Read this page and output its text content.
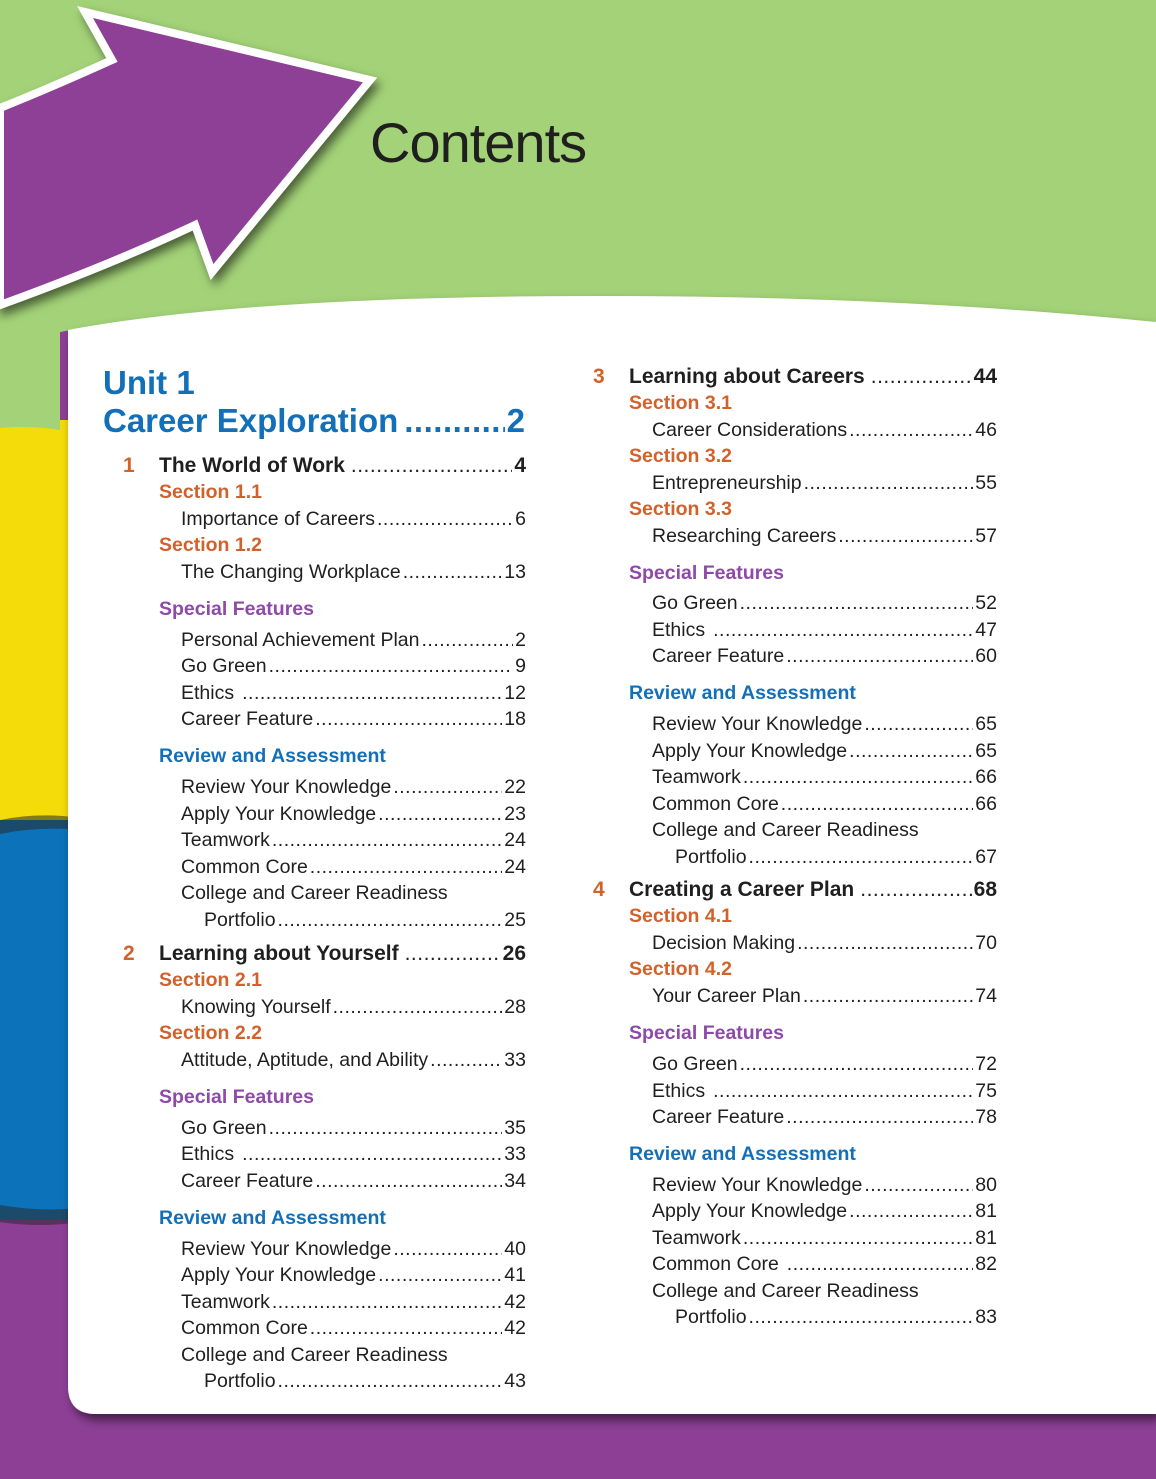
Contents
Unit 1
Career Exploration .....	2
1 The World of Work .....	4
Section 1.1
Importance of Careers .....	6
Section 1.2
The Changing Workplace .....	13
Special Features
Personal Achievement Plan .....	2
Go Green .....	9
Ethics .....	12
Career Feature .....	18
Review and Assessment
Review Your Knowledge .....	22
Apply Your Knowledge .....	23
Teamwork .....	24
Common Core .....	24
College and Career Readiness
Portfolio .....	25
2 Learning about Yourself .....	26
Section 2.1
Knowing Yourself .....	28
Section 2.2
Attitude, Aptitude, and Ability .....	33
Special Features
Go Green .....	35
Ethics .....	33
Career Feature .....	34
Review and Assessment
Review Your Knowledge .....	40
Apply Your Knowledge .....	41
Teamwork .....	42
Common Core .....	42
College and Career Readiness
Portfolio .....	43
3 Learning about Careers .....	44
Section 3.1
Career Considerations .....	46
Section 3.2
Entrepreneurship .....	55
Section 3.3
Researching Careers .....	57
Special Features
Go Green .....	52
Ethics .....	47
Career Feature .....	60
Review and Assessment
Review Your Knowledge .....	65
Apply Your Knowledge .....	65
Teamwork .....	66
Common Core .....	66
College and Career Readiness
Portfolio .....	67
4 Creating a Career Plan .....	68
Section 4.1
Decision Making .....	70
Section 4.2
Your Career Plan .....	74
Special Features
Go Green .....	72
Ethics .....	75
Career Feature .....	78
Review and Assessment
Review Your Knowledge .....	80
Apply Your Knowledge .....	81
Teamwork .....	81
Common Core .....	82
College and Career Readiness
Portfolio .....	83
